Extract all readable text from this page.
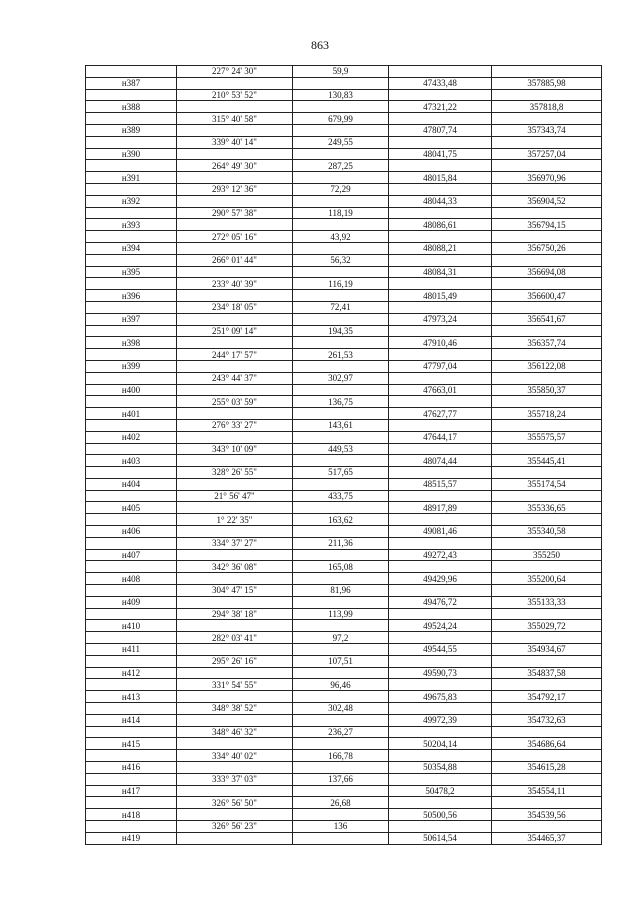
863
	227° 24' 30"	59,9		
н387			47433,48	357885,98
	210° 53' 52"	130,83		
н388			47321,22	357818,8
	315° 40' 58"	679,99		
н389			47807,74	357343,74
	339° 40' 14"	249,55		
н390			48041,75	357257,04
	264° 49' 30"	287,25		
н391			48015,84	356970,96
	293° 12' 36"	72,29		
н392			48044,33	356904,52
	290° 57' 38"	118,19		
н393			48086,61	356794,15
	272° 05' 16"	43,92		
н394			48088,21	356750,26
	266° 01' 44"	56,32		
н395			48084,31	356694,08
	233° 40' 39"	116,19		
н396			48015,49	356600,47
	234° 18' 05"	72,41		
н397			47973,24	356541,67
	251° 09' 14"	194,35		
н398			47910,46	356357,74
	244° 17' 57"	261,53		
н399			47797,04	356122,08
	243° 44' 37"	302,97		
н400			47663,01	355850,37
	255° 03' 59"	136,75		
н401			47627,77	355718,24
	276° 33' 27"	143,61		
н402			47644,17	355575,57
	343° 10' 09"	449,53		
н403			48074,44	355445,41
	328° 26' 55"	517,65		
н404			48515,57	355174,54
	21° 56' 47"	433,75		
н405			48917,89	355336,65
	1° 22' 35"	163,62		
н406			49081,46	355340,58
	334° 37' 27"	211,36		
н407			49272,43	355250
	342° 36' 08"	165,08		
н408			49429,96	355200,64
	304° 47' 15"	81,96		
н409			49476,72	355133,33
	294° 38' 18"	113,99		
н410			49524,24	355029,72
	282° 03' 41"	97,2		
н411			49544,55	354934,67
	295° 26' 16"	107,51		
н412			49590,73	354837,58
	331° 54' 55"	96,46		
н413			49675,83	354792,17
	348° 38' 52"	302,48		
н414			49972,39	354732,63
	348° 46' 32"	236,27		
н415			50204,14	354686,64
	334° 40' 02"	166,78		
н416			50354,88	354615,28
	333° 37' 03"	137,66		
н417			50478,2	354554,11
	326° 56' 50"	26,68		
н418			50500,56	354539,56
	326° 56' 23"	136		
н419			50614,54	354465,37
